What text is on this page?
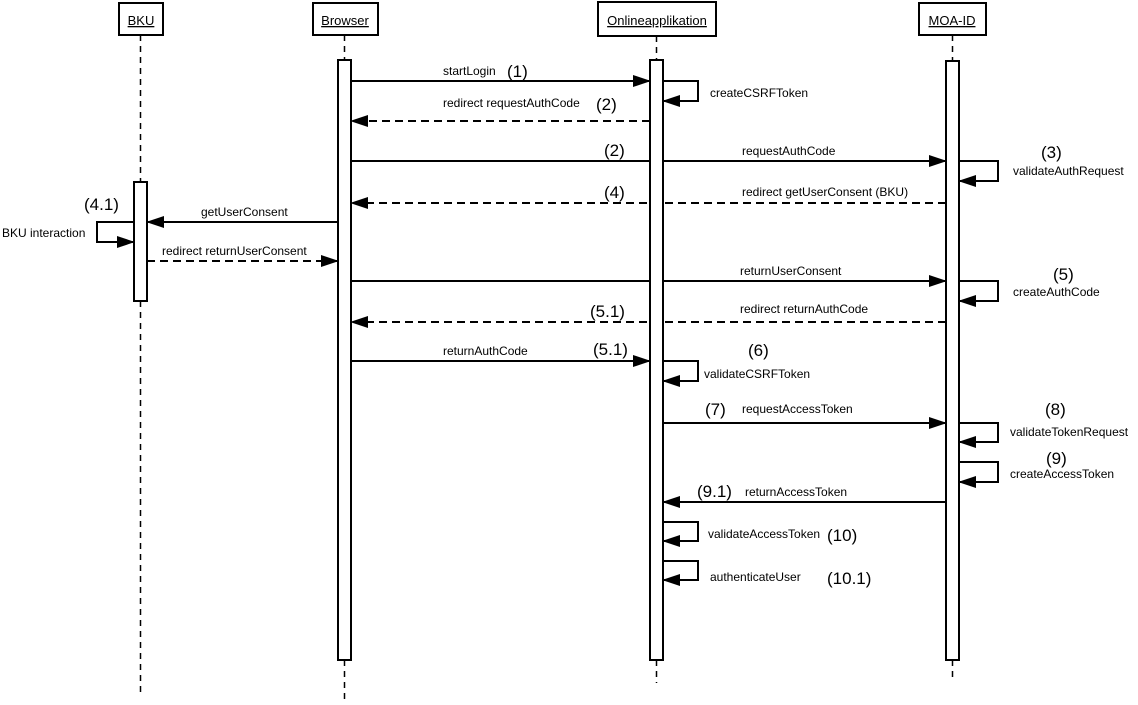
BKU	Browser	Onlineapplikation	MOA-ID
startLogin (1)
createCSRFToken
redirect requestAuthCode (2)
(2)	requestAuthCode	(3)
validateAuthRequest
(4)	redirect getUserConsent (BKU)
(4.1)	getUserConsent
BKU interaction
redirect returnUserConsent
returnUserConsent	(5)
createAuthCode
(5.1)	redirect returnAuthCode
returnAuthCode	(5.1)	(6)
validateCSRFToken
(7) requestAccessToken	(8)
validateTokenRequest
(9)
createAccessToken
(9.1) returnAccessToken
validateAccessToken (10)
authenticateUser (10.1)
